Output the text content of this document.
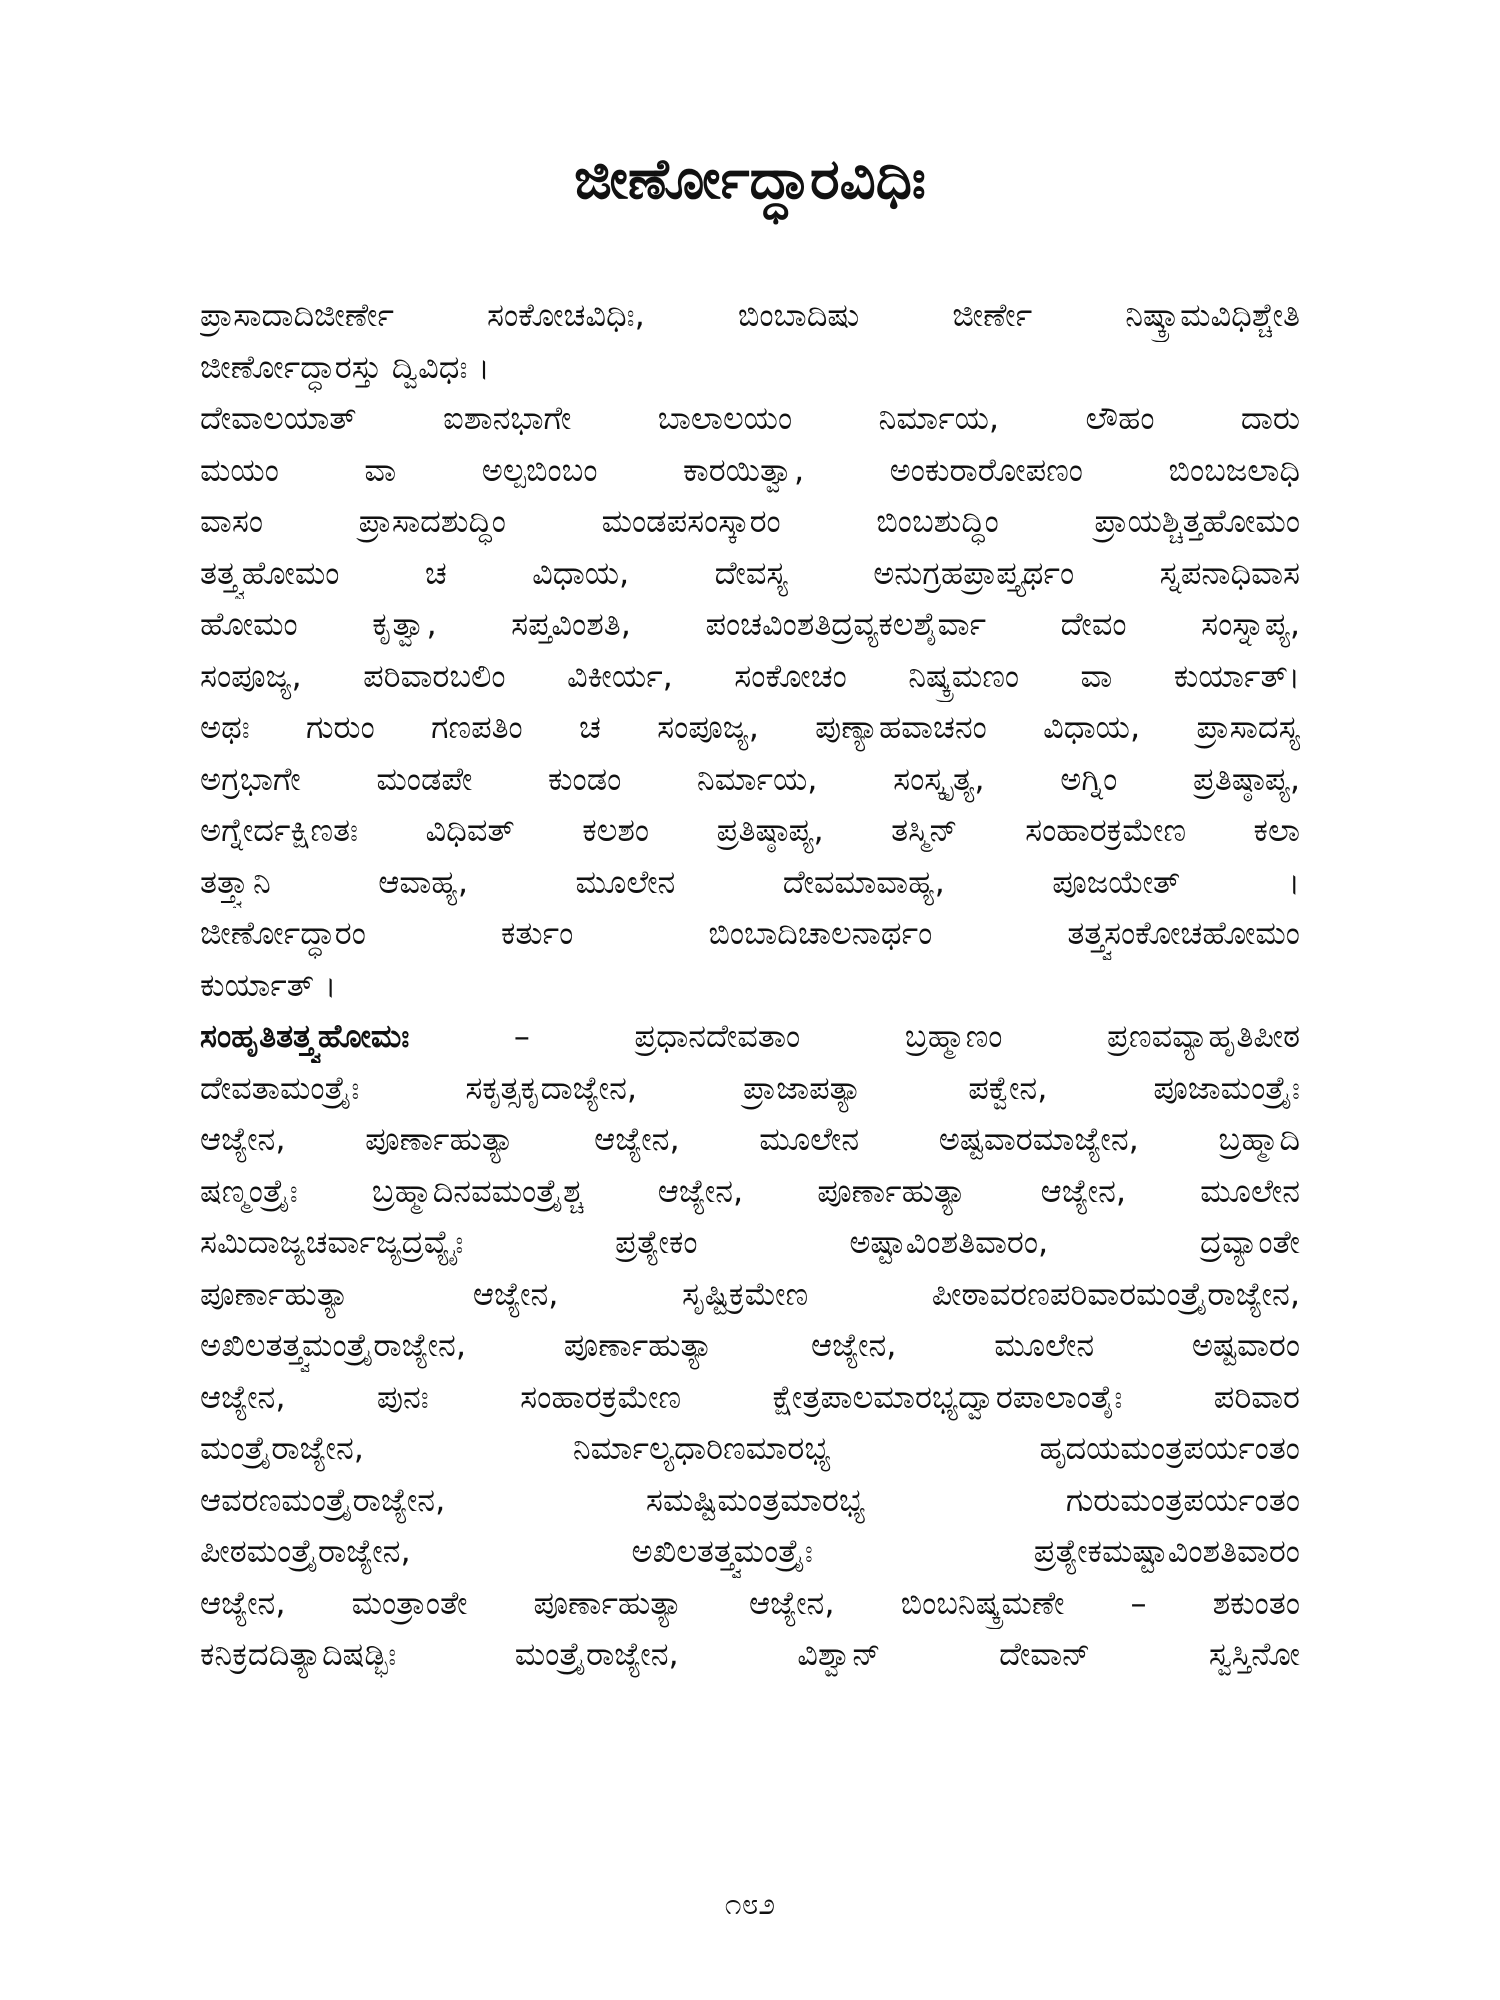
ಜೀರ್ಣೋದ್ಧಾರವಿಧಿಃ
ಪ್ರಾಸಾದಾದಿಜೀರ್ಣೇ ಸಂಕೋಚವಿಧಿಃ, ಬಿಂಬಾದಿಷು ಜೀರ್ಣೇ ನಿಷ್ಕ್ರಾಮವಿಧಿಶ್ಚೇತಿ
ಜೀರ್ಣೋದ್ಧಾರಸ್ತು ದ್ವಿವಿಧಃ ।
ದೇವಾಲಯಾತ್ ಐಶಾನಭಾಗೇ ಬಾಲಾಲಯಂ ನಿರ್ಮಾಯ, ಲೌಹಂ ದಾರು
ಮಯಂ ವಾ ಅಲ್ಪಬಿಂಬಂ ಕಾರಯಿತ್ವಾ, ಅಂಕುರಾರೋಪಣಂ ಬಿಂಬಜಲಾಧಿ
ವಾಸಂ ಪ್ರಾಸಾದಶುದ್ಧಿಂ ಮಂಡಪಸಂಸ್ಕಾರಂ ಬಿಂಬಶುದ್ಧಿಂ ಪ್ರಾಯಶ್ಚಿತ್ತಹೋಮಂ
ತತ್ತ್ವಹೋಮಂ ಚ ವಿಧಾಯ, ದೇವಸ್ಯ ಅನುಗ್ರಹಪ್ರಾಪ್ತ್ಯರ್ಥಂ ಸ್ನಪನಾಧಿವಾಸ
ಹೋಮಂ ಕೃತ್ವಾ, ಸಪ್ತವಿಂಶತಿ, ಪಂಚವಿಂಶತಿದ್ರವ್ಯಕಲಶೈರ್ವಾ ದೇವಂ ಸಂಸ್ನಾಪ್ಯ,
ಸಂಪೂಜ್ಯ, ಪರಿವಾರಬಲಿಂ ವಿಕೀರ್ಯ, ಸಂಕೋಚಂ ನಿಷ್ಕ್ರಮಣಂ ವಾ ಕುರ್ಯಾತ್।
ಅಥಃ ಗುರುಂ ಗಣಪತಿಂ ಚ ಸಂಪೂಜ್ಯ, ಪುಣ್ಯಾಹವಾಚನಂ ವಿಧಾಯ, ಪ್ರಾಸಾದಸ್ಯ
ಅಗ್ರಭಾಗೇ ಮಂಡಪೇ ಕುಂಡಂ ನಿರ್ಮಾಯ, ಸಂಸ್ಕೃತ್ಯ, ಅಗ್ನಿಂ ಪ್ರತಿಷ್ಠಾಪ್ಯ,
ಅಗ್ನೇರ್ದಕ್ಷಿಣತಃ ವಿಧಿವತ್ ಕಲಶಂ ಪ್ರತಿಷ್ಠಾಪ್ಯ, ತಸ್ಮಿನ್ ಸಂಹಾರಕ್ರಮೇಣ ಕಲಾ
ತತ್ತ್ವಾನಿ ಆವಾಹ್ಯ, ಮೂಲೇನ ದೇವಮಾವಾಹ್ಯ, ಪೂಜಯೇತ್ ।
ಜೀರ್ಣೋದ್ಧಾರಂ ಕರ್ತುಂ ಬಿಂಬಾದಿಚಾಲನಾರ್ಥಂ ತತ್ತ್ವಸಂಕೋಚಹೋಮಂ
ಕುರ್ಯಾತ್ ।
ಸಂಹೃತಿತತ್ತ್ವಹೋಮಃ	– ಪ್ರಧಾನದೇವತಾಂ ಬ್ರಹ್ಮಾಣಂ ಪ್ರಣವವ್ಯಾಹೃತಿಪೀಠ
ದೇವತಾಮಂತ್ರೈಃ ಸಕೃತ್ಸಕೃದಾಜ್ಯೇನ, ಪ್ರಾಜಾಪತ್ಯಾ ಪಕ್ವೇನ, ಪೂಜಾಮಂತ್ರೈಃ
ಆಜ್ಯೇನ, ಪೂರ್ಣಾಹುತ್ಯಾ ಆಜ್ಯೇನ, ಮೂಲೇನ ಅಷ್ಟವಾರಮಾಜ್ಯೇನ, ಬ್ರಹ್ಮಾದಿ
ಷಣ್ಮಂತ್ರೈಃ ಬ್ರಹ್ಮಾದಿನವಮಂತ್ರೈಶ್ಚ ಆಜ್ಯೇನ, ಪೂರ್ಣಾಹುತ್ಯಾ ಆಜ್ಯೇನ, ಮೂಲೇನ
ಸಮಿದಾಜ್ಯಚರ್ವಾಜ್ಯದ್ರವ್ಯೈಃ ಪ್ರತ್ಯೇಕಂ ಅಷ್ಟಾವಿಂಶತಿವಾರಂ, ದ್ರವ್ಯಾಂತೇ
ಪೂರ್ಣಾಹುತ್ಯಾ ಆಜ್ಯೇನ, ಸೃಷ್ಟಿಕ್ರಮೇಣ ಪೀಠಾವರಣಪರಿವಾರಮಂತ್ರೈರಾಜ್ಯೇನ,
ಅಖಿಲತತ್ತ್ವಮಂತ್ರೈರಾಜ್ಯೇನ, ಪೂರ್ಣಾಹುತ್ಯಾ ಆಜ್ಯೇನ, ಮೂಲೇನ ಅಷ್ಟವಾರಂ
ಆಜ್ಯೇನ, ಪುನಃ ಸಂಹಾರಕ್ರಮೇಣ ಕ್ಷೇತ್ರಪಾಲಮಾರಭ್ಯದ್ವಾರಪಾಲಾಂತೈಃ ಪರಿವಾರ
ಮಂತ್ರೈರಾಜ್ಯೇನ, ನಿರ್ಮಾಲ್ಯಧಾರಿಣಮಾರಭ್ಯ ಹೃದಯಮಂತ್ರಪರ್ಯಂತಂ
ಆವರಣಮಂತ್ರೈರಾಜ್ಯೇನ, ಸಮಷ್ಟಿಮಂತ್ರಮಾರಭ್ಯ ಗುರುಮಂತ್ರಪರ್ಯಂತಂ
ಪೀಠಮಂತ್ರೈರಾಜ್ಯೇನ, ಅಖಿಲತತ್ತ್ವಮಂತ್ರೈಃ ಪ್ರತ್ಯೇಕಮಷ್ಟಾವಿಂಶತಿವಾರಂ
ಆಜ್ಯೇನ, ಮಂತ್ರಾಂತೇ ಪೂರ್ಣಾಹುತ್ಯಾ ಆಜ್ಯೇನ, ಬಿಂಬನಿಷ್ಕ್ರಮಣೇ – ಶಕುಂತಂ
ಕನಿಕ್ರದದಿತ್ಯಾದಿಷಡ್ಭಿಃ ಮಂತ್ರೈರಾಜ್ಯೇನ, ವಿಶ್ವಾನ್ ದೇವಾನ್ ಸ್ವಸ್ತಿನೋ
೧೮೨
